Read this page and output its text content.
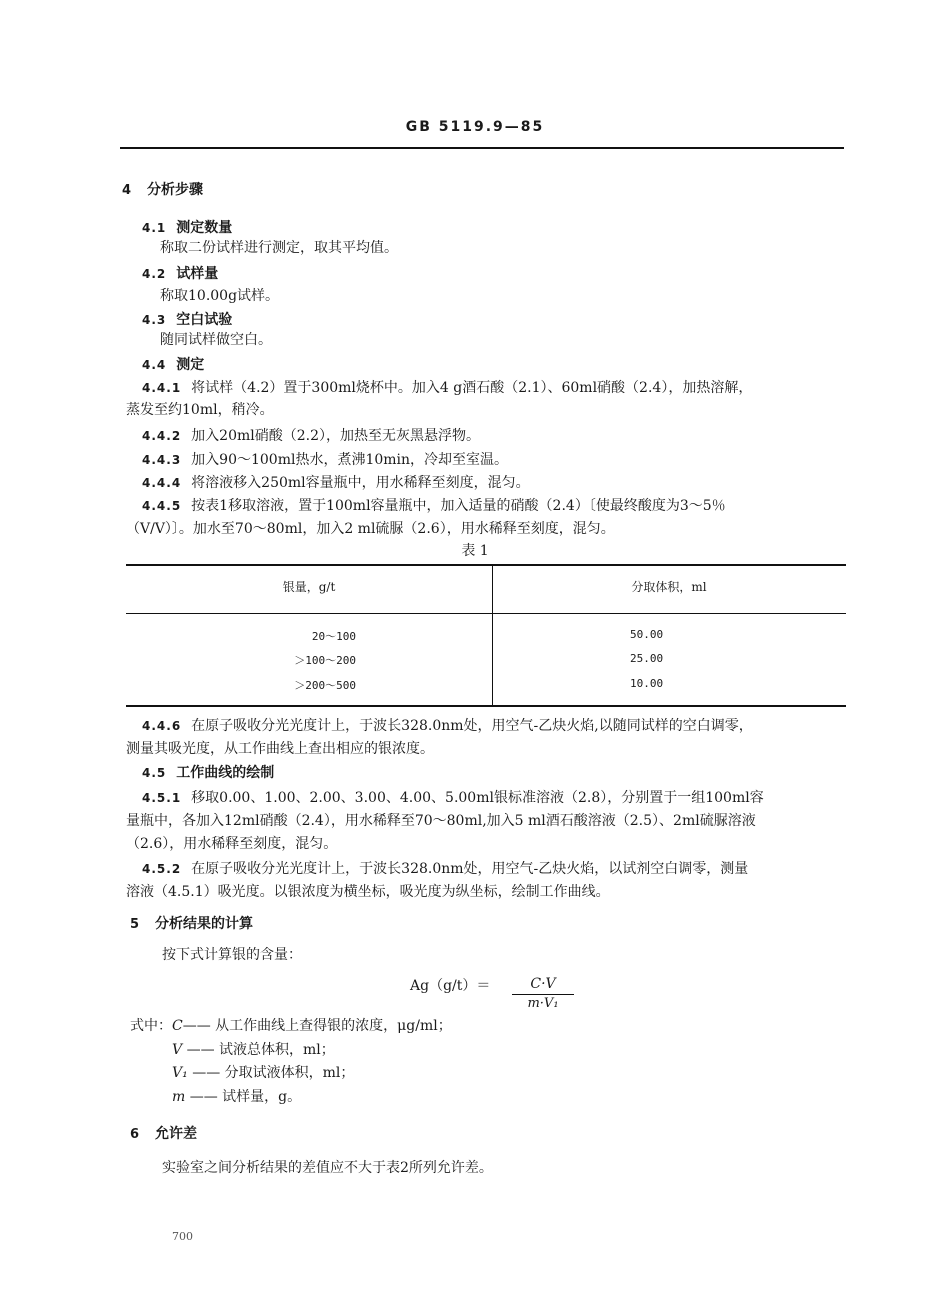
GB 5119.9—85
4 分析步骤
4.1 测定数量
称取二份试样进行测定，取其平均值。
4.2 试样量
称取10.00g试样。
4.3 空白试验
随同试样做空白。
4.4 测定
4.4.1 将试样（4.2）置于300ml烧杯中。加入4 g酒石酸（2.1）、60ml硝酸（2.4），加热溶解，
蒸发至约10ml，稍冷。
4.4.2 加入20ml硝酸（2.2），加热至无灰黑悬浮物。
4.4.3 加入90～100ml热水，煮沸10min，冷却至室温。
4.4.4 将溶液移入250ml容量瓶中，用水稀释至刻度，混匀。
4.4.5 按表1移取溶液，置于100ml容量瓶中，加入适量的硝酸（2.4）〔使最终酸度为3～5％
（V/V）〕。加水至70～80ml，加入2 ml硫脲（2.6），用水稀释至刻度，混匀。
表 1
银量，g/t	分取体积，ml
20～100	50.00
＞100～200	25.00
＞200～500	10.00
4.4.6 在原子吸收分光光度计上，于波长328.0nm处，用空气-乙炔火焰,以随同试样的空白调零，
测量其吸光度，从工作曲线上查出相应的银浓度。
4.5 工作曲线的绘制
4.5.1 移取0.00、1.00、2.00、3.00、4.00、5.00ml银标准溶液（2.8），分别置于一组100ml容
量瓶中，各加入12ml硝酸（2.4），用水稀释至70～80ml,加入5 ml酒石酸溶液（2.5）、2ml硫脲溶液
（2.6），用水稀释至刻度，混匀。
4.5.2 在原子吸收分光光度计上，于波长328.0nm处，用空气-乙炔火焰，以试剂空白调零，测量
溶液（4.5.1）吸光度。以银浓度为横坐标，吸光度为纵坐标，绘制工作曲线。
5 分析结果的计算
按下式计算银的含量：
Ag（g/t）＝	C·V
m·V₁
式中：C—— 从工作曲线上查得银的浓度，μg/ml；
V —— 试液总体积，ml；
V₁ —— 分取试液体积，ml；
m —— 试样量，g。
6 允许差
实验室之间分析结果的差值应不大于表2所列允许差。
700
